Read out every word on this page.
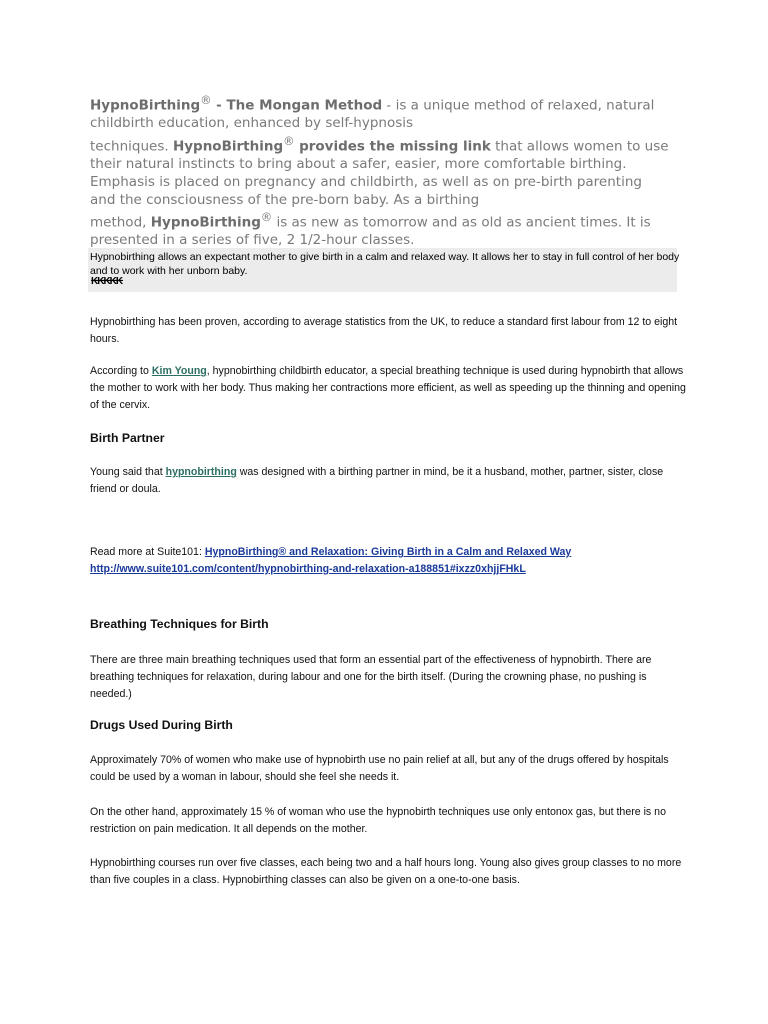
HypnoBirthing® - The Mongan Method - is a unique method of relaxed, natural
childbirth education, enhanced by self-hypnosis
techniques. HypnoBirthing® provides the missing link that allows women to use
their natural instincts to bring about a safer, easier, more comfortable birthing.
Emphasis is placed on pregnancy and childbirth, as well as on pre-birth parenting
and the consciousness of the pre-born baby. As a birthing
method, HypnoBirthing® is as new as tomorrow and as old as ancient times. It is
presented in a series of five, 2 1/2-hour classes.
Hypnobirthing allows an expectant mother to give birth in a calm and relaxed way. It allows her to stay in full control of her body and to work with her unborn baby.
₭₭₭₭₭
Hypnobirthing has been proven, according to average statistics from the UK, to reduce a standard first labour from 12 to eight hours.
According to Kim Young, hypnobirthing childbirth educator, a special breathing technique is used during hypnobirth that allows the mother to work with her body. Thus making her contractions more efficient, as well as speeding up the thinning and opening of the cervix.
Birth Partner
Young said that hypnobirthing was designed with a birthing partner in mind, be it a husband, mother, partner, sister, close friend or doula.
Read more at Suite101: HypnoBirthing® and Relaxation: Giving Birth in a Calm and Relaxed Way http://www.suite101.com/content/hypnobirthing-and-relaxation-a188851#ixzz0xhjjFHkL
Breathing Techniques for Birth
There are three main breathing techniques used that form an essential part of the effectiveness of hypnobirth. There are breathing techniques for relaxation, during labour and one for the birth itself. (During the crowning phase, no pushing is needed.)
Drugs Used During Birth
Approximately 70% of women who make use of hypnobirth use no pain relief at all, but any of the drugs offered by hospitals could be used by a woman in labour, should she feel she needs it.
On the other hand, approximately 15 % of woman who use the hypnobirth techniques use only entonox gas, but there is no restriction on pain medication. It all depends on the mother.
Hypnobirthing courses run over five classes, each being two and a half hours long. Young also gives group classes to no more than five couples in a class. Hypnobirthing classes can also be given on a one-to-one basis.
